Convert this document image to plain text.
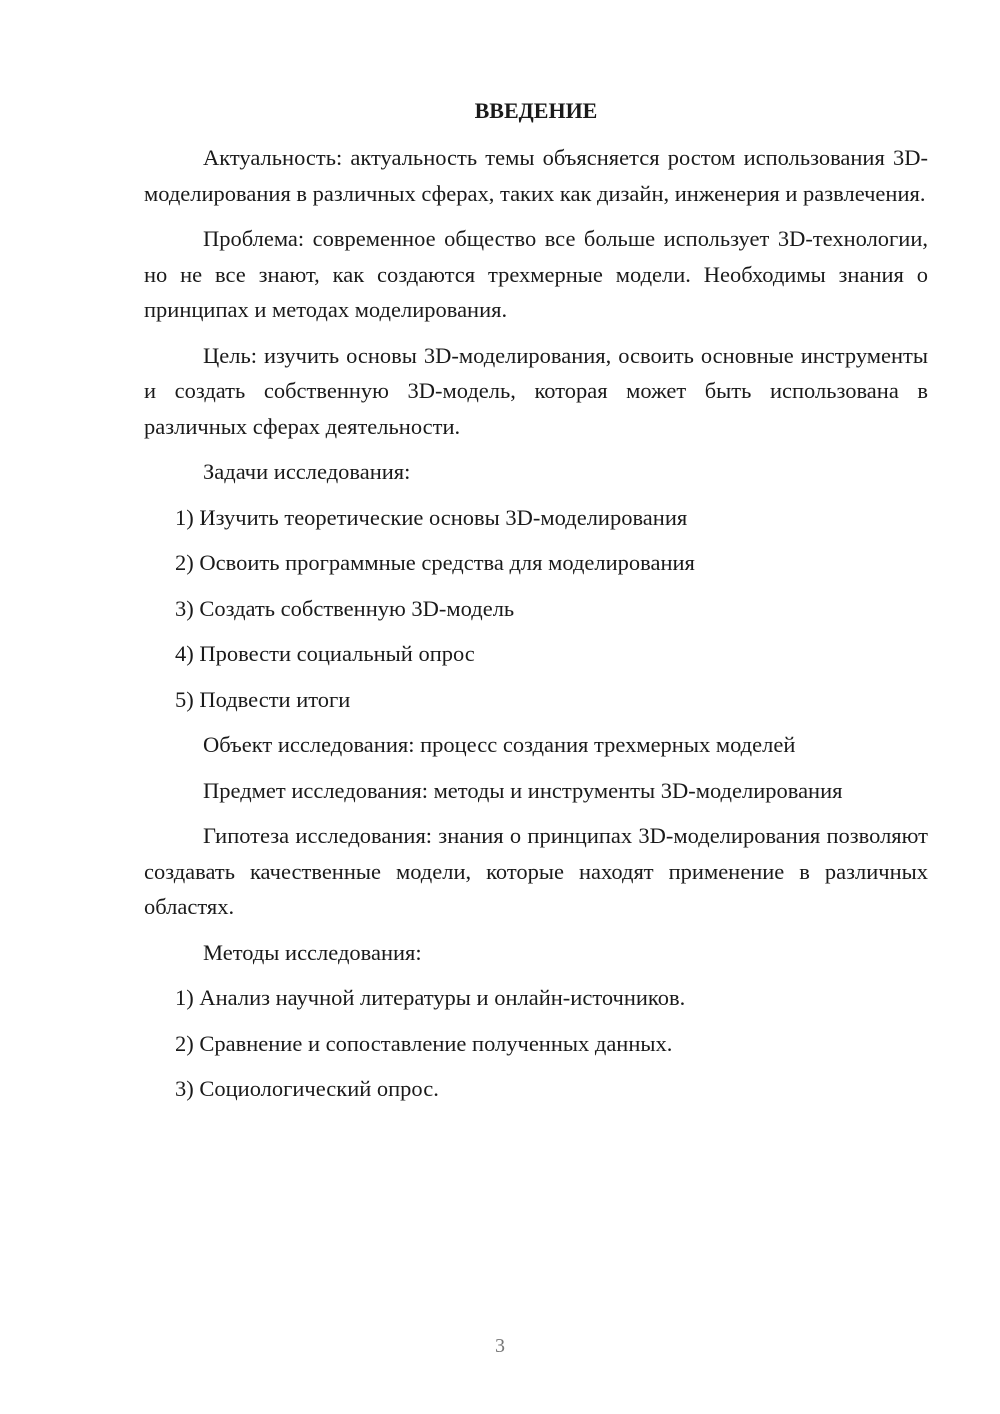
ВВЕДЕНИЕ

Актуальность: актуальность темы объясняется ростом использования 3D-моделирования в различных сферах, таких как дизайн, инженерия и развлечения.

Проблема: современное общество все больше использует 3D-технологии, но не все знают, как создаются трехмерные модели. Необходимы знания о принципах и методах моделирования.

Цель: изучить основы 3D-моделирования, освоить основные инструменты и создать собственную 3D-модель, которая может быть использована в различных сферах деятельности.

Задачи исследования:

1) Изучить теоретические основы 3D-моделирования
2) Освоить программные средства для моделирования
3) Создать собственную 3D-модель
4) Провести социальный опрос
5) Подвести итоги

Объект исследования: процесс создания трехмерных моделей

Предмет исследования: методы и инструменты 3D-моделирования

Гипотеза исследования: знания о принципах 3D-моделирования позволяют создавать качественные модели, которые находят применение в различных областях.

Методы исследования:

1) Анализ научной литературы и онлайн-источников.
2) Сравнение и сопоставление полученных данных.
3) Социологический опрос.
3
